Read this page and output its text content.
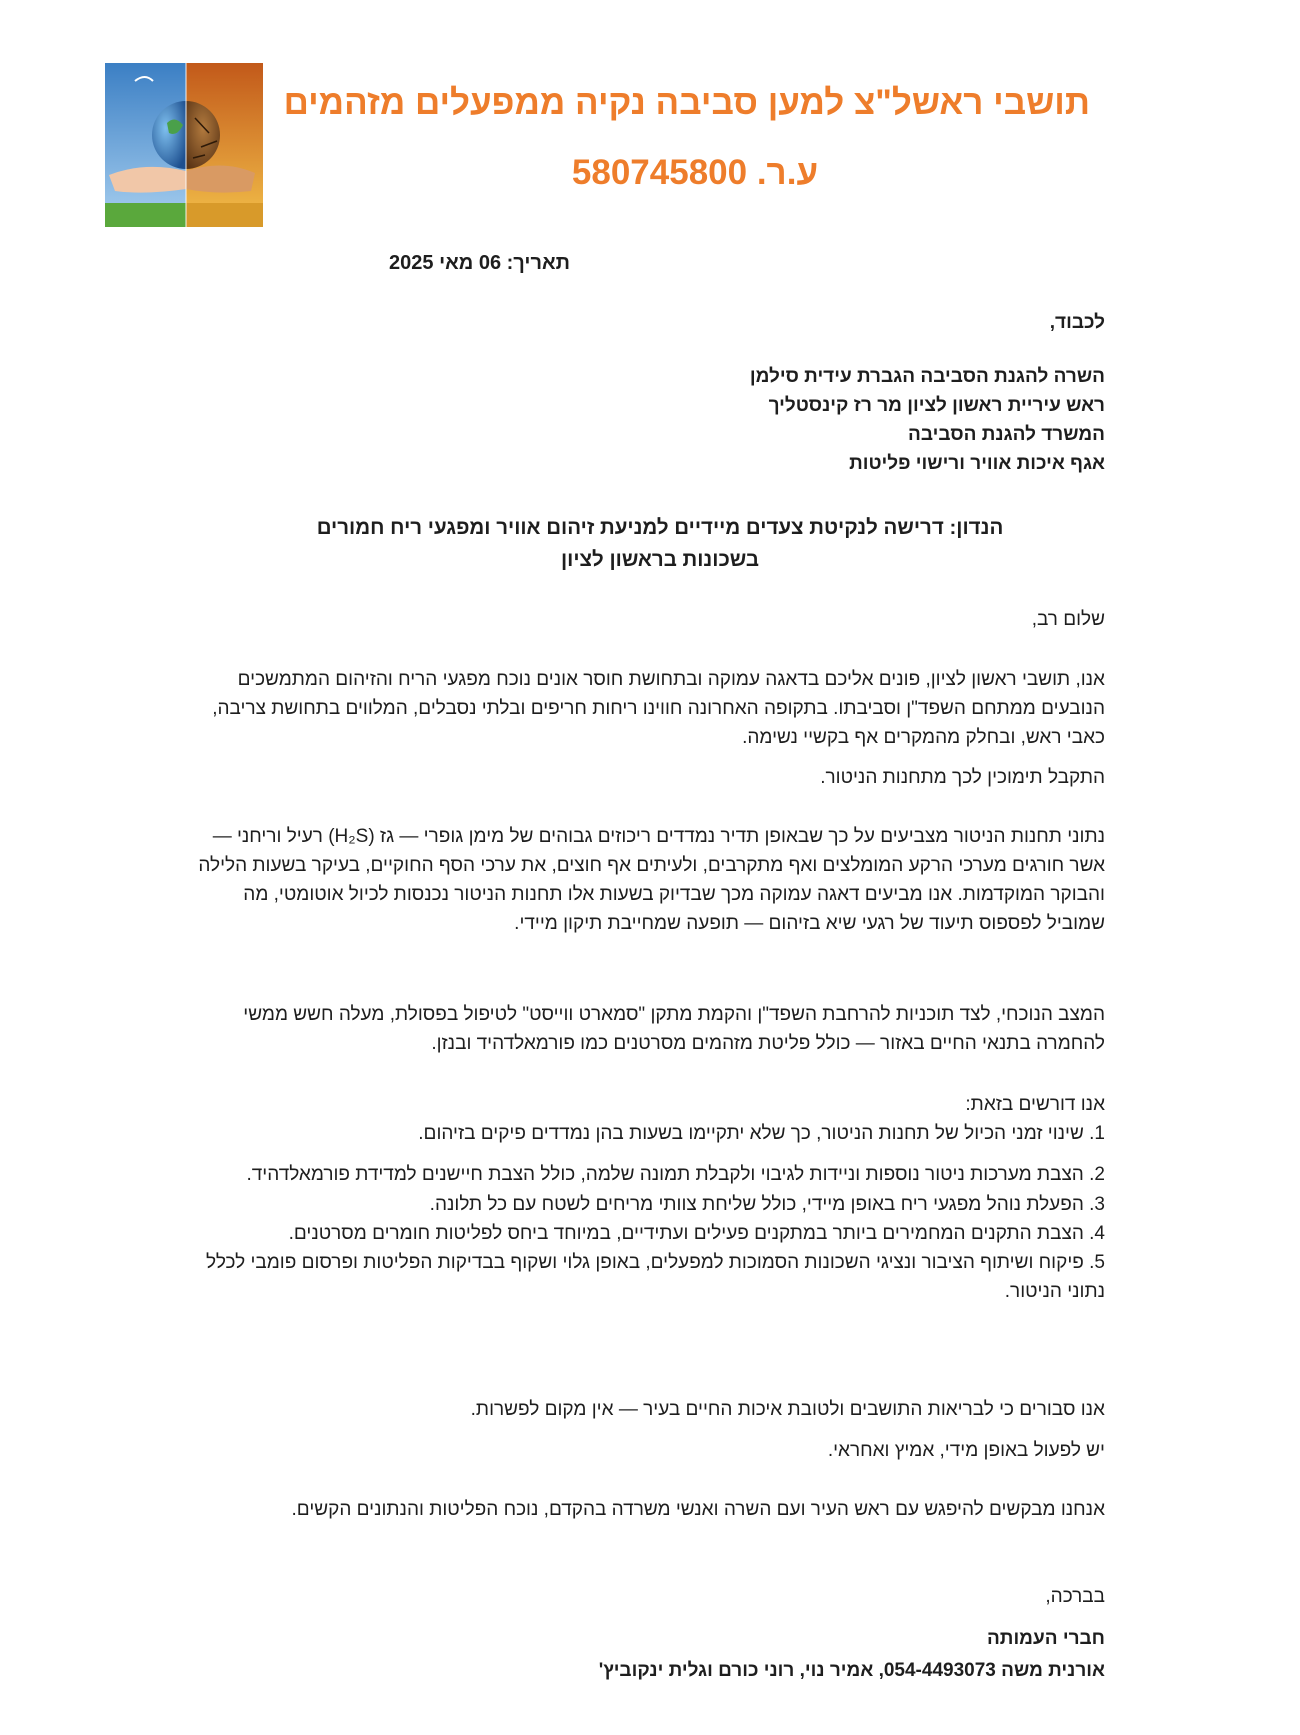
תושבי ראשל"צ למען סביבה נקיה ממפעלים מזהמים
ע.ר. 580745800
תאריך: 06 מאי 2025
לכבוד,

השרה להגנת הסביבה הגברת עידית סילמן

ראש עיריית ראשון לציון מר רז קינסטליך

המשרד להגנת הסביבה

אגף איכות אוויר ורישוי פליטות

הנדון: דרישה לנקיטת צעדים מיידיים למניעת זיהום אוויר ומפגעי ריח חמורים

בשכונות בראשון לציון

שלום רב,
אנו, תושבי ראשון לציון, פונים אליכם בדאגה עמוקה ובתחושת חוסר אונים נוכח מפגעי הריח והזיהום המתמשכים הנובעים ממתחם השפד"ן וסביבתו. בתקופה האחרונה חווינו ריחות חריפים ובלתי נסבלים, המלווים בתחושת צריבה, כאבי ראש, ובחלק מהמקרים אף בקשיי נשימה.
התקבל תימוכין לכך מתחנות הניטור.
נתוני תחנות הניטור מצביעים על כך שבאופן תדיר נמדדים ריכוזים גבוהים של מימן גופרי — גז (H₂S) רעיל וריחני — אשר חורגים מערכי הרקע המומלצים ואף מתקרבים, ולעיתים אף חוצים, את ערכי הסף החוקיים, בעיקר בשעות הלילה והבוקר המוקדמות. אנו מביעים דאגה עמוקה מכך שבדיוק בשעות אלו תחנות הניטור נכנסות לכיול אוטומטי, מה שמוביל לפספוס תיעוד של רגעי שיא בזיהום — תופעה שמחייבת תיקון מיידי.
המצב הנוכחי, לצד תוכניות להרחבת השפד"ן והקמת מתקן "סמארט ווייסט" לטיפול בפסולת, מעלה חשש ממשי להחמרה בתנאי החיים באזור — כולל פליטת מזהמים מסרטנים כמו פורמאלדהיד ובנזן.
אנו דורשים בזאת:

1. שינוי זמני הכיול של תחנות הניטור, כך שלא יתקיימו בשעות בהן נמדדים פיקים בזיהום.

2. הצבת מערכות ניטור נוספות וניידות לגיבוי ולקבלת תמונה שלמה, כולל הצבת חיישנים למדידת פורמאלדהיד.

3. הפעלת נוהל מפגעי ריח באופן מיידי, כולל שליחת צוותי מריחים לשטח עם כל תלונה.

4. הצבת התקנים המחמירים ביותר במתקנים פעילים ועתידיים, במיוחד ביחס לפליטות חומרים מסרטנים.

5. פיקוח ושיתוף הציבור ונציגי השכונות הסמוכות למפעלים, באופן גלוי ושקוף בבדיקות הפליטות ופרסום פומבי לכלל נתוני הניטור.

אנו סבורים כי לבריאות התושבים ולטובת איכות החיים בעיר — אין מקום לפשרות.
יש לפעול באופן מידי, אמיץ ואחראי.
אנחנו מבקשים להיפגש עם ראש העיר ועם השרה ואנשי משרדה בהקדם, נוכח הפליטות והנתונים הקשים.
בברכה,
חברי העמותה
אורנית משה 054-4493073, אמיר נוי, רוני כורם וגלית ינקוביץ'
